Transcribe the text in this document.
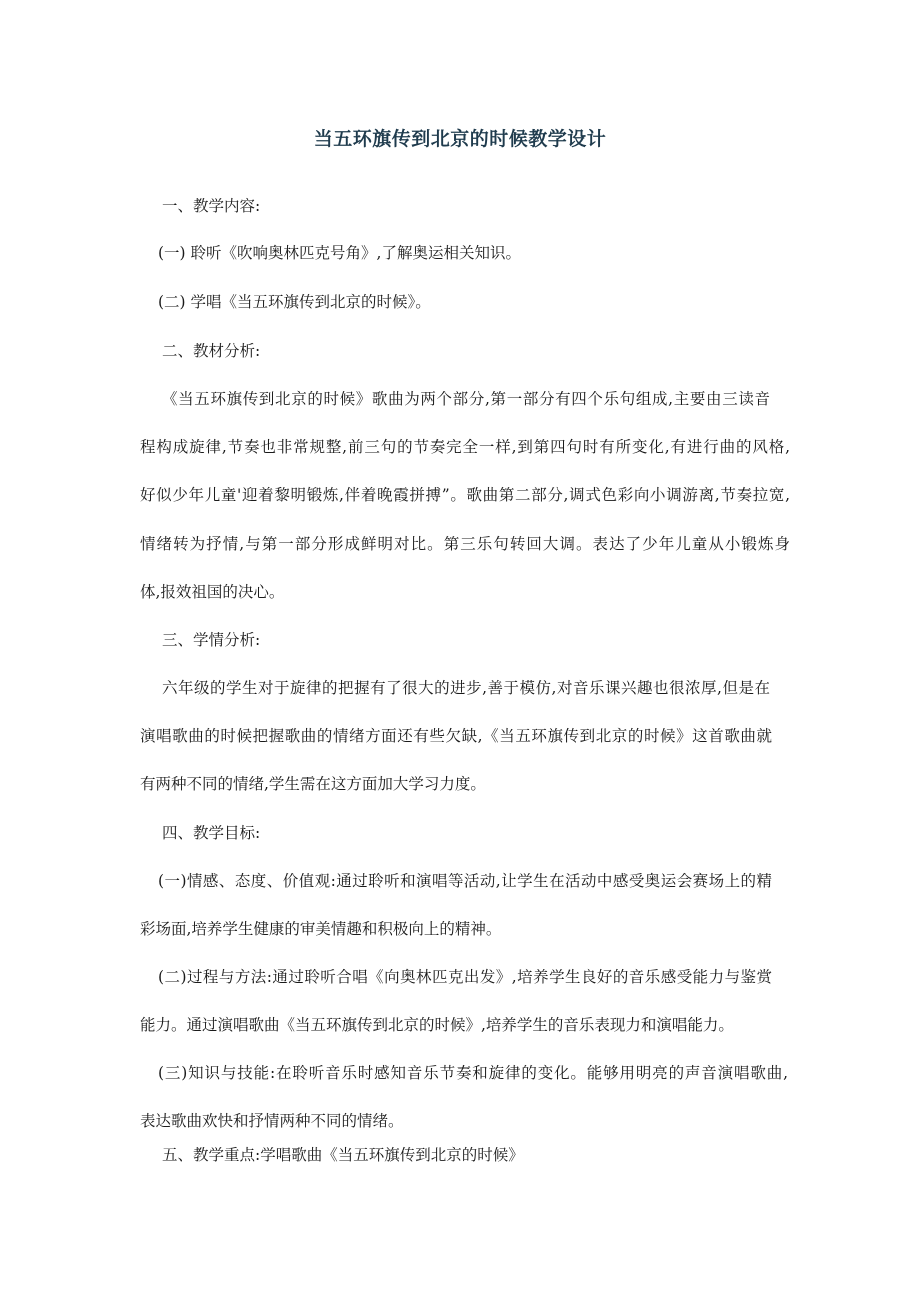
当五环旗传到北京的时候教学设计

一、教学内容:

(一) 聆听《吹响奥林匹克号角》,了解奥运相关知识。

(二) 学唱《当五环旗传到北京的时候》。

二、教材分析:

《当五环旗传到北京的时候》歌曲为两个部分,第一部分有四个乐句组成,主要由三读音

程构成旋律,节奏也非常规整,前三句的节奏完全一样,到第四句时有所变化,有进行曲的风格,

好似少年儿童'迎着黎明锻炼,伴着晚霞拼搏”。歌曲第二部分,调式色彩向小调游离,节奏拉宽,

情绪转为抒情,与第一部分形成鲜明对比。第三乐句转回大调。表达了少年儿童从小锻炼身

体,报效祖国的决心。

三、学情分析:

六年级的学生对于旋律的把握有了很大的进步,善于模仿,对音乐课兴趣也很浓厚,但是在

演唱歌曲的时候把握歌曲的情绪方面还有些欠缺,《当五环旗传到北京的时候》这首歌曲就

有两种不同的情绪,学生需在这方面加大学习力度。

四、教学目标:

(一)情感、态度、价值观:通过聆听和演唱等活动,让学生在活动中感受奥运会赛场上的精

彩场面,培养学生健康的审美情趣和积极向上的精神。

(二)过程与方法:通过聆听合唱《向奥林匹克出发》,培养学生良好的音乐感受能力与鉴赏

能力。通过演唱歌曲《当五环旗传到北京的时候》,培养学生的音乐表现力和演唱能力。

(三)知识与技能:在聆听音乐时感知音乐节奏和旋律的变化。能够用明亮的声音演唱歌曲,

表达歌曲欢快和抒情两种不同的情绪。

五、教学重点:学唱歌曲《当五环旗传到北京的时候》
